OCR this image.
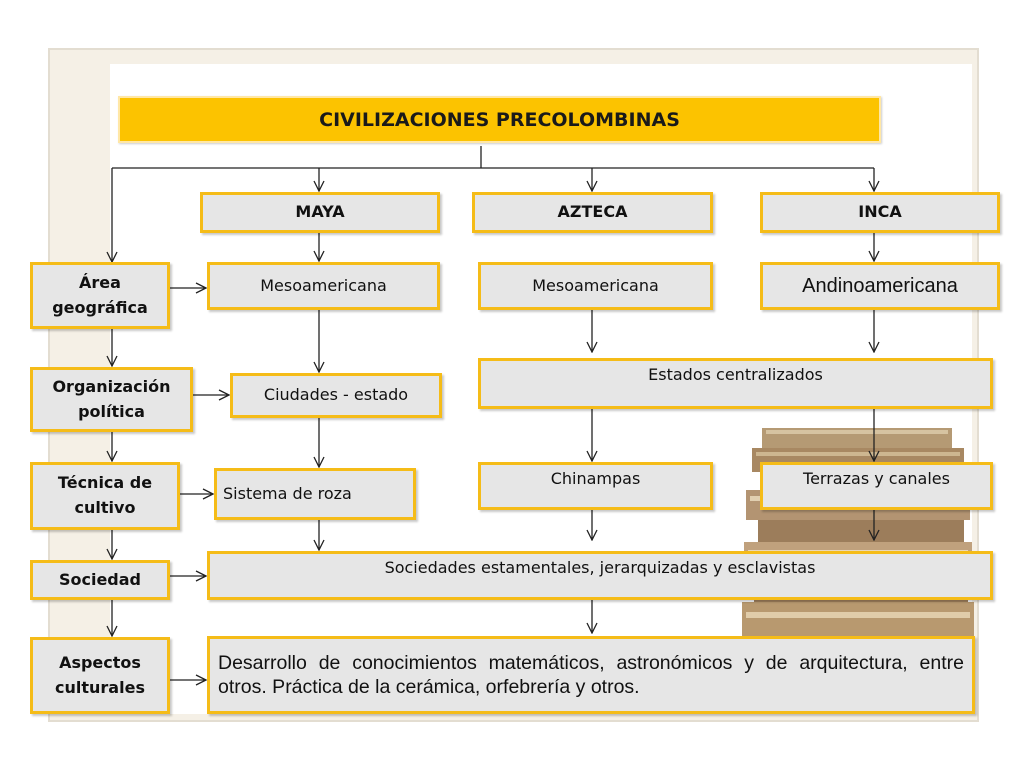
CIVILIZACIONES PRECOLOMBINAS
MAYA	AZTECA	INCA
Área geográfica
Organización política
Técnica de cultivo
Sociedad
Aspectos culturales
Mesoamericana	Mesoamericana	Andinoamericana
Ciudades - estado
Estados centralizados
Sistema de roza
Chinampas	Terrazas y canales
Sociedades estamentales, jerarquizadas y esclavistas
Desarrollo de conocimientos matemáticos, astronómicos y de arquitectura, entre otros. Práctica de la cerámica, orfebrería y otros.
